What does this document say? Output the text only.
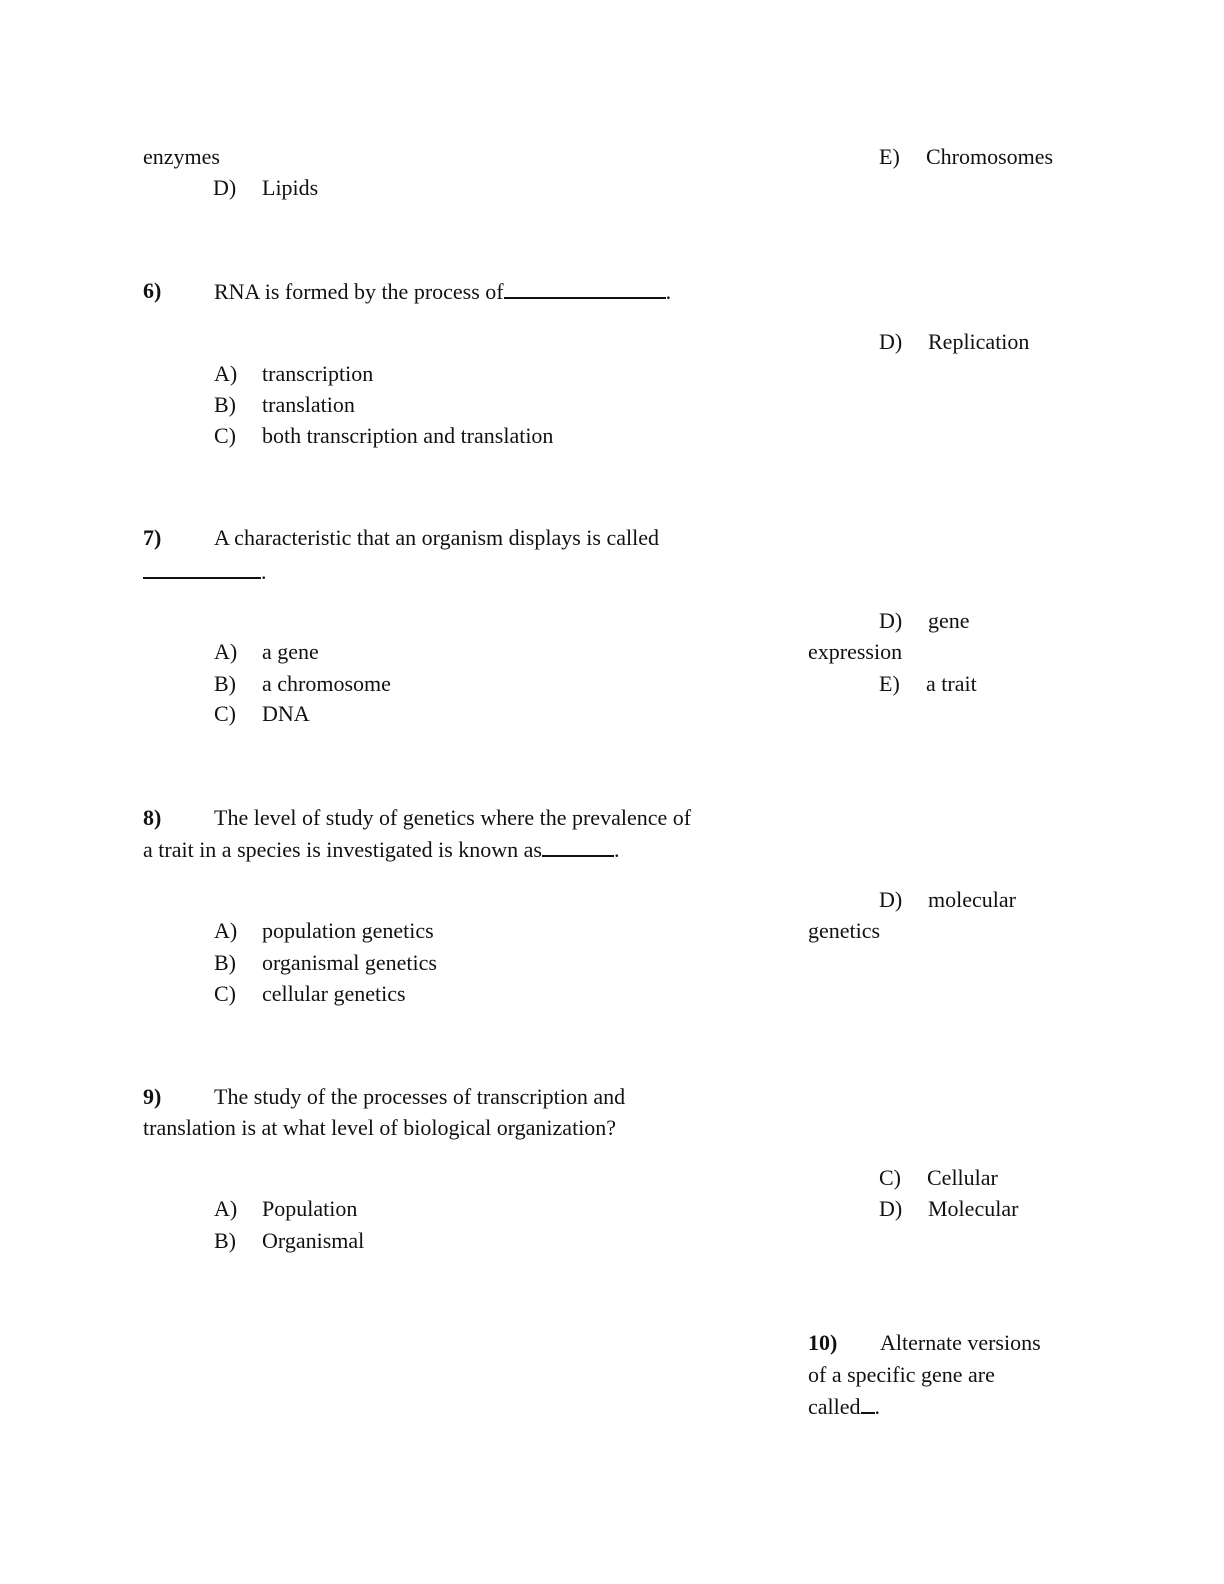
enzymes
D) Lipids
E) Chromosomes
6) RNA is formed by the process of	.
D) Replication
A) transcription
B) translation
C) both transcription and translation
7) A characteristic that an organism displays is called
.
D) gene
expression
E) a trait
A) a gene
B) a chromosome
C) DNA
8) The level of study of genetics where the prevalence of
a trait in a species is investigated is known as	.
D) molecular
genetics
A) population genetics
B) organismal genetics
C) cellular genetics
9) The study of the processes of transcription and
translation is at what level of biological organization?
C) Cellular
D) Molecular
A) Population
B) Organismal
10) Alternate versions
of a specific gene are
called .
